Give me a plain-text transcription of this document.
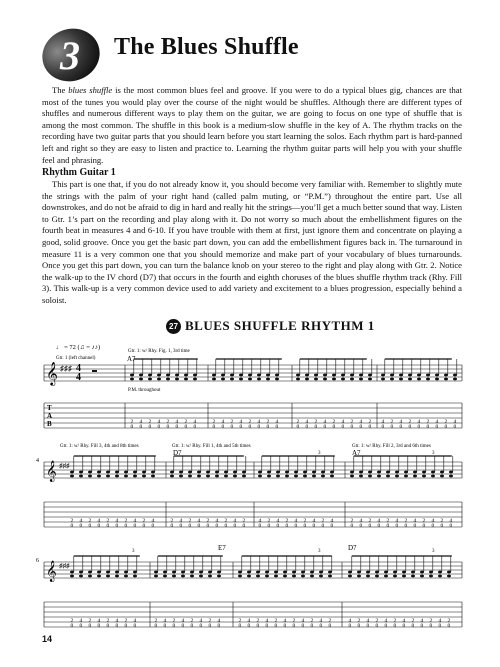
3 The Blues Shuffle

The blues shuffle is the most common blues feel and groove. If you were to do a typical blues gig, chances are that most of the tunes you would play over the course of the night would be shuffles. Although there are different types of shuffles and numerous different ways to play them on the guitar, we are going to focus on one type of shuffle that is among the most common. The shuffle in this book is a medium-slow shuffle in the key of A. The rhythm tracks on the recording have two guitar parts that you should learn before you start learning the solos. Each rhythm part is hard-panned left and right so they are easy to listen and practice to. Learning the rhythm guitar parts will help you with your shuffle feel and phrasing.

Rhythm Guitar 1

This part is one that, if you do not already know it, you should become very familiar with. Remember to slightly mute the strings with the palm of your right hand (called palm muting, or “P.M.”) throughout the entire part. Use all downstrokes, and do not be afraid to dig in hard and really hit the strings—you’ll get a much better sound that way. Listen to Gtr. 1’s part on the recording and play along with it. Do not worry so much about the embellishment figures on the fourth beat in measures 4 and 6-10. If you have trouble with them at first, just ignore them and concentrate on playing a good, solid groove. Once you get the basic part down, you can add the embellishment figures back in. The turnaround in measure 11 is a very common one that you should memorize and make part of your vocabulary of blues turnarounds. Once you get this part down, you can turn the balance knob on your stereo to the right and play along with Gtr. 2. Notice the walk-up to the IV chord (D7) that occurs in the fourth and eighth choruses of the blues shuffle rhythm track (Rhy. Fill 3). This walk-up is a very common device used to add variety and excitement to a blues progression, especially behind a soloist.

27 BLUES SHUFFLE RHYTHM 1
𝄞 ♯♯♯ 4
4
T
A
B
♩ = 72 (♫ = ♪♪)
Gtr. 1 (left channel)
Gtr. 1: w/ Rhy. Fig. 1, 3rd time
A7
P.M. throughout
2
0
4
0
2
0
4
0
2
0
4
0
2
0
4
0
2
0
4
0
2
0
4
0
2
0
4
0
2
0
4
0
2
0
4
0
2
0
4
0
2
0
4
0
2
0
4
0
2
0
4
0
2
0
4
0
2
0
4
0
2
0
4
0
2
0
4
0
4 𝄞 ♯♯♯
Gtr. 1: w/ Rhy. Fill 3, 4th and 8th times	Gtr. 1: w/ Rhy. Fill 1, 4th and 5th times
D7
Gtr. 1: w/ Rhy. Fill 2, 3rd and 6th times
A7
3	3
2
0
4
0
2
0
4
0
2
0
4
0
2
0
4
0
2
0
4
0
2
0
4
0
2
0
4
0
2
0
4
0
2
0
4
0
2
0
4
0
2
0
4
0
2
0
4
0
2
0
4
0
2
0
4
0
2
0
4
0
2
0
4
0
2
0
4
0
2
0
4
0
2
0
4
0
2
0
4
0
6 𝄞 ♯♯♯
E7	D7
3	3	3
2
0
4
0
2
0
4
0
2
0
4
0
2
0
4
0
2
0
4
0
2
0
4
0
2
0
4
0
2
0
4
0
2
0
4
0
2
0
4
0
2
0
4
0
2
0
4
0
2
0
4
0
2
0
4
0
2
0
4
0
2
0
4
0
2
0
4
0
2
0
4
0
2
0
4
0
2
0

14
